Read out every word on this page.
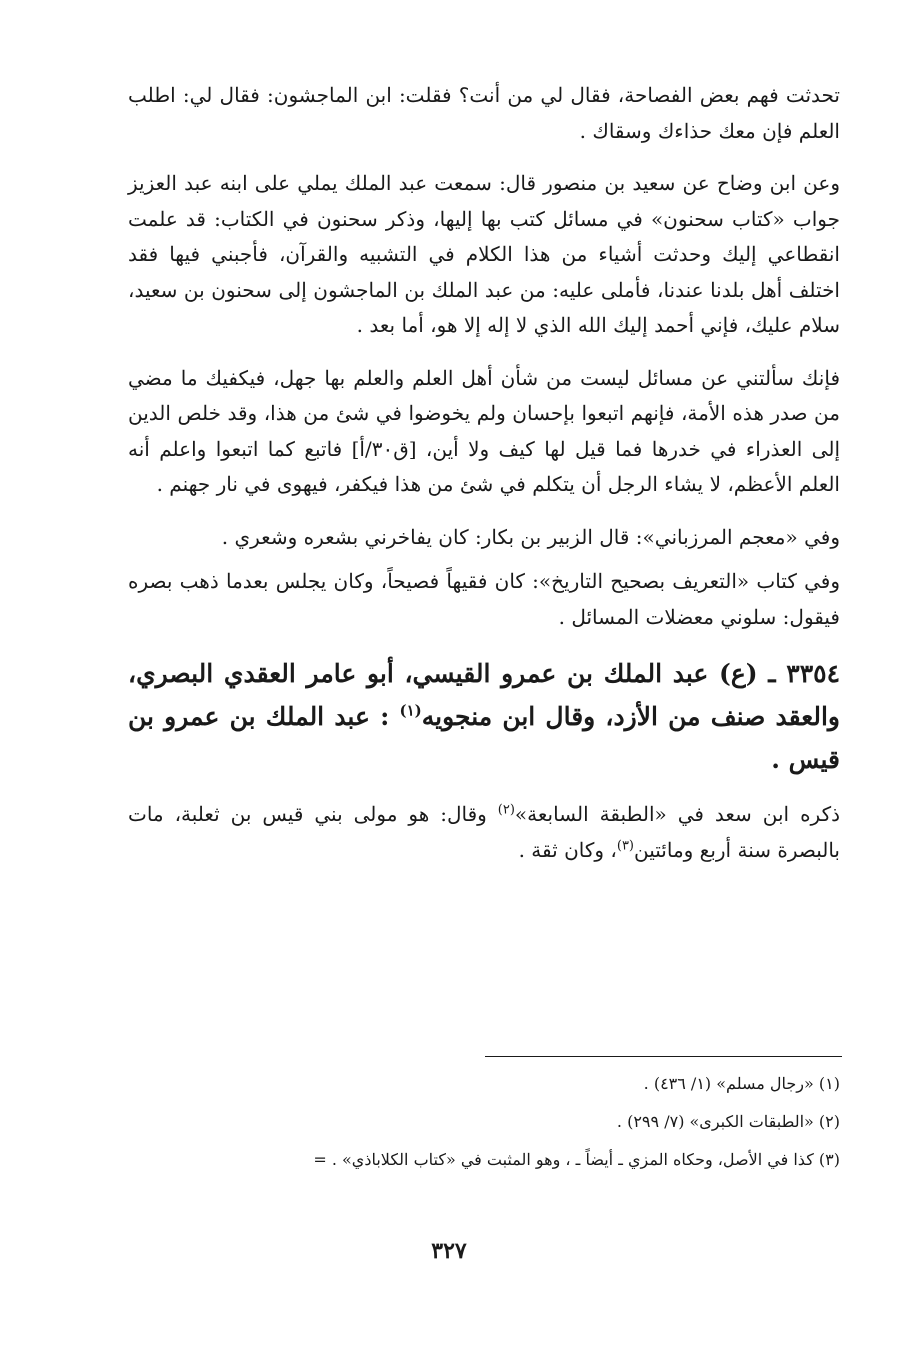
تحدثت فهم بعض الفصاحة، فقال لي من أنت؟ فقلت: ابن الماجشون: فقال لي: اطلب العلم فإن معك حذاءك وسقاك .

وعن ابن وضاح عن سعيد بن منصور قال: سمعت عبد الملك يملي على ابنه عبد العزيز جواب «كتاب سحنون» في مسائل كتب بها إليها، وذكر سحنون في الكتاب: قد علمت انقطاعي إليك وحدثت أشياء من هذا الكلام في التشبيه والقرآن، فأجبني فيها فقد اختلف أهل بلدنا عندنا، فأملى عليه: من عبد الملك بن الماجشون إلى سحنون بن سعيد، سلام عليك، فإني أحمد إليك الله الذي لا إله إلا هو، أما بعد .

فإنك سألتني عن مسائل ليست من شأن أهل العلم والعلم بها جهل، فيكفيك ما مضي من صدر هذه الأمة، فإنهم اتبعوا بإحسان ولم يخوضوا في شئ من هذا، وقد خلص الدين إلى العذراء في خدرها فما قيل لها كيف ولا أين، [ق٣٠/أ] فاتبع كما اتبعوا واعلم أنه العلم الأعظم، لا يشاء الرجل أن يتكلم في شئ من هذا فيكفر، فيهوى في نار جهنم .

وفي «معجم المرزباني»: قال الزبير بن بكار: كان يفاخرني بشعره وشعري .

وفي كتاب «التعريف بصحيح التاريخ»: كان فقيهاً فصيحاً، وكان يجلس بعدما ذهب بصره فيقول: سلوني معضلات المسائل .

٣٣٥٤ ـ (ع) عبد الملك بن عمرو القيسي، أبو عامر العقدي البصري، والعقد صنف من الأزد، وقال ابن منجويه$^{(١)}$ : عبد الملك بن عمرو بن قيس .

ذكره ابن سعد في «الطبقة السابعة»$^{(٢)}$ وقال: هو مولى بني قيس بن ثعلبة، مات بالبصرة سنة أربع ومائتين$^{(٣)}$، وكان ثقة .

(١) «رجال مسلم» (١/ ٤٣٦) .

(٢) «الطبقات الكبرى» (٧/ ٢٩٩) .

(٣) كذا في الأصل، وحكاه المزي ـ أيضاً ـ ، وهو المثبت في «كتاب الكلاباذي» . =

٣٢٧
